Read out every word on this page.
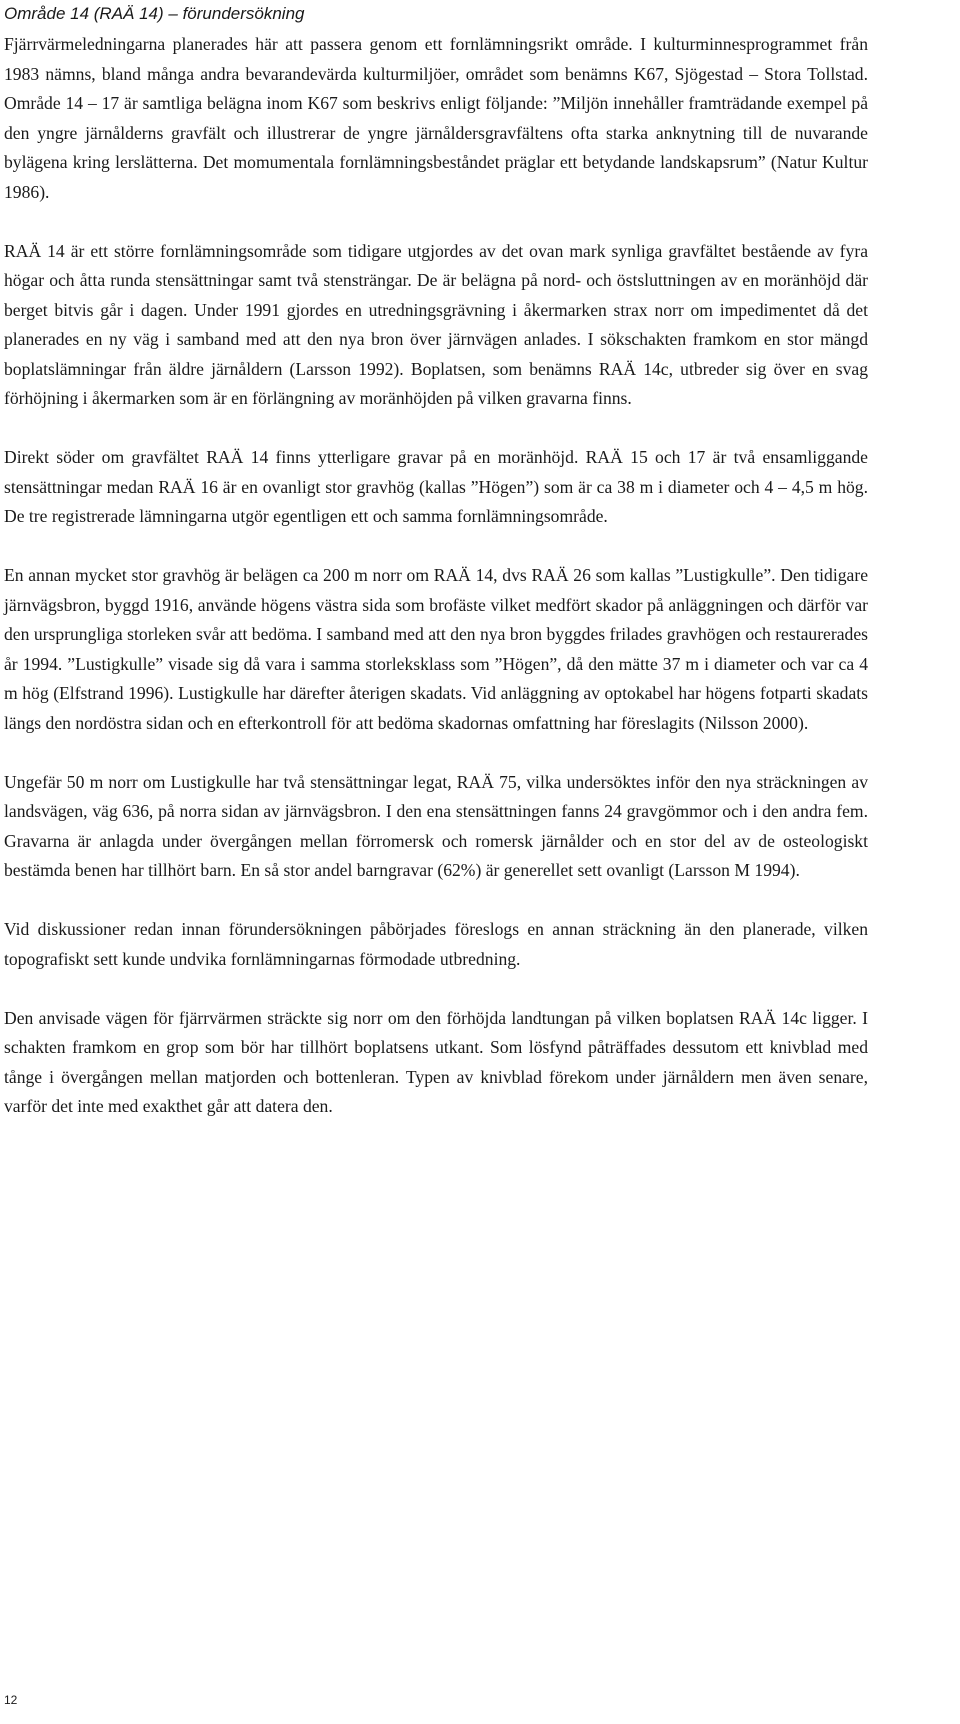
Område 14 (RAÄ 14) – förundersökning

Fjärrvärmeledningarna planerades här att passera genom ett fornlämningsrikt område. I kulturminnesprogrammet från 1983 nämns, bland många andra bevarandevärda kulturmiljöer, området som benämns K67, Sjögestad – Stora Tollstad. Område 14 – 17 är samtliga belägna inom K67 som beskrivs enligt följande: ”Miljön innehåller framträdande exempel på den yngre järnålderns gravfält och illustrerar de yngre järnåldersgravfältens ofta starka anknytning till de nuvarande bylägena kring lerslätterna. Det momumentala fornlämningsbeståndet präglar ett betydande landskapsrum” (Natur Kultur 1986).

RAÄ 14 är ett större fornlämningsområde som tidigare utgjordes av det ovan mark synliga gravfältet bestående av fyra högar och åtta runda stensättningar samt två stensträngar. De är belägna på nord- och östsluttningen av en moränhöjd där berget bitvis går i dagen. Under 1991 gjordes en utredningsgrävning i åkermarken strax norr om impedimentet då det planerades en ny väg i samband med att den nya bron över järnvägen anlades. I sökschakten framkom en stor mängd boplatslämningar från äldre järnåldern (Larsson 1992). Boplatsen, som benämns RAÄ 14c, utbreder sig över en svag förhöjning i åkermarken som är en förlängning av moränhöjden på vilken gravarna finns.

Direkt söder om gravfältet RAÄ 14 finns ytterligare gravar på en moränhöjd. RAÄ 15 och 17 är två ensamliggande stensättningar medan RAÄ 16 är en ovanligt stor gravhög (kallas ”Högen”) som är ca 38 m i diameter och 4 – 4,5 m hög. De tre registrerade lämningarna utgör egentligen ett och samma fornlämningsområde.

En annan mycket stor gravhög är belägen ca 200 m norr om RAÄ 14, dvs RAÄ 26 som kallas ”Lustigkulle”. Den tidigare järnvägsbron, byggd 1916, använde högens västra sida som brofäste vilket medfört skador på anläggningen och därför var den ursprungliga storleken svår att bedöma. I samband med att den nya bron byggdes frilades gravhögen och restaurerades år 1994. ”Lustigkulle” visade sig då vara i samma storleksklass som ”Högen”, då den mätte 37 m i diameter och var ca 4 m hög (Elfstrand 1996). Lustigkulle har därefter återigen skadats. Vid anläggning av optokabel har högens fotparti skadats längs den nordöstra sidan och en efterkontroll för att bedöma skadornas omfattning har föreslagits (Nilsson 2000).

Ungefär 50 m norr om Lustigkulle har två stensättningar legat, RAÄ 75, vilka undersöktes inför den nya sträckningen av landsvägen, väg 636, på norra sidan av järnvägsbron. I den ena stensättningen fanns 24 gravgömmor och i den andra fem. Gravarna är anlagda under övergången mellan förromersk och romersk järnålder och en stor del av de osteologiskt bestämda benen har tillhört barn. En så stor andel barngravar (62%) är generellet sett ovanligt (Larsson M 1994).

Vid diskussioner redan innan förundersökningen påbörjades föreslogs en annan sträckning än den planerade, vilken topografiskt sett kunde undvika fornlämningarnas förmodade utbredning.

Den anvisade vägen för fjärrvärmen sträckte sig norr om den förhöjda landtungan på vilken boplatsen RAÄ 14c ligger. I schakten framkom en grop som bör har tillhört boplatsens utkant. Som lösfynd påträffades dessutom ett knivblad med tånge i övergången mellan matjorden och bottenleran. Typen av knivblad förekom under järnåldern men även senare, varför det inte med exakthet går att datera den.

12
